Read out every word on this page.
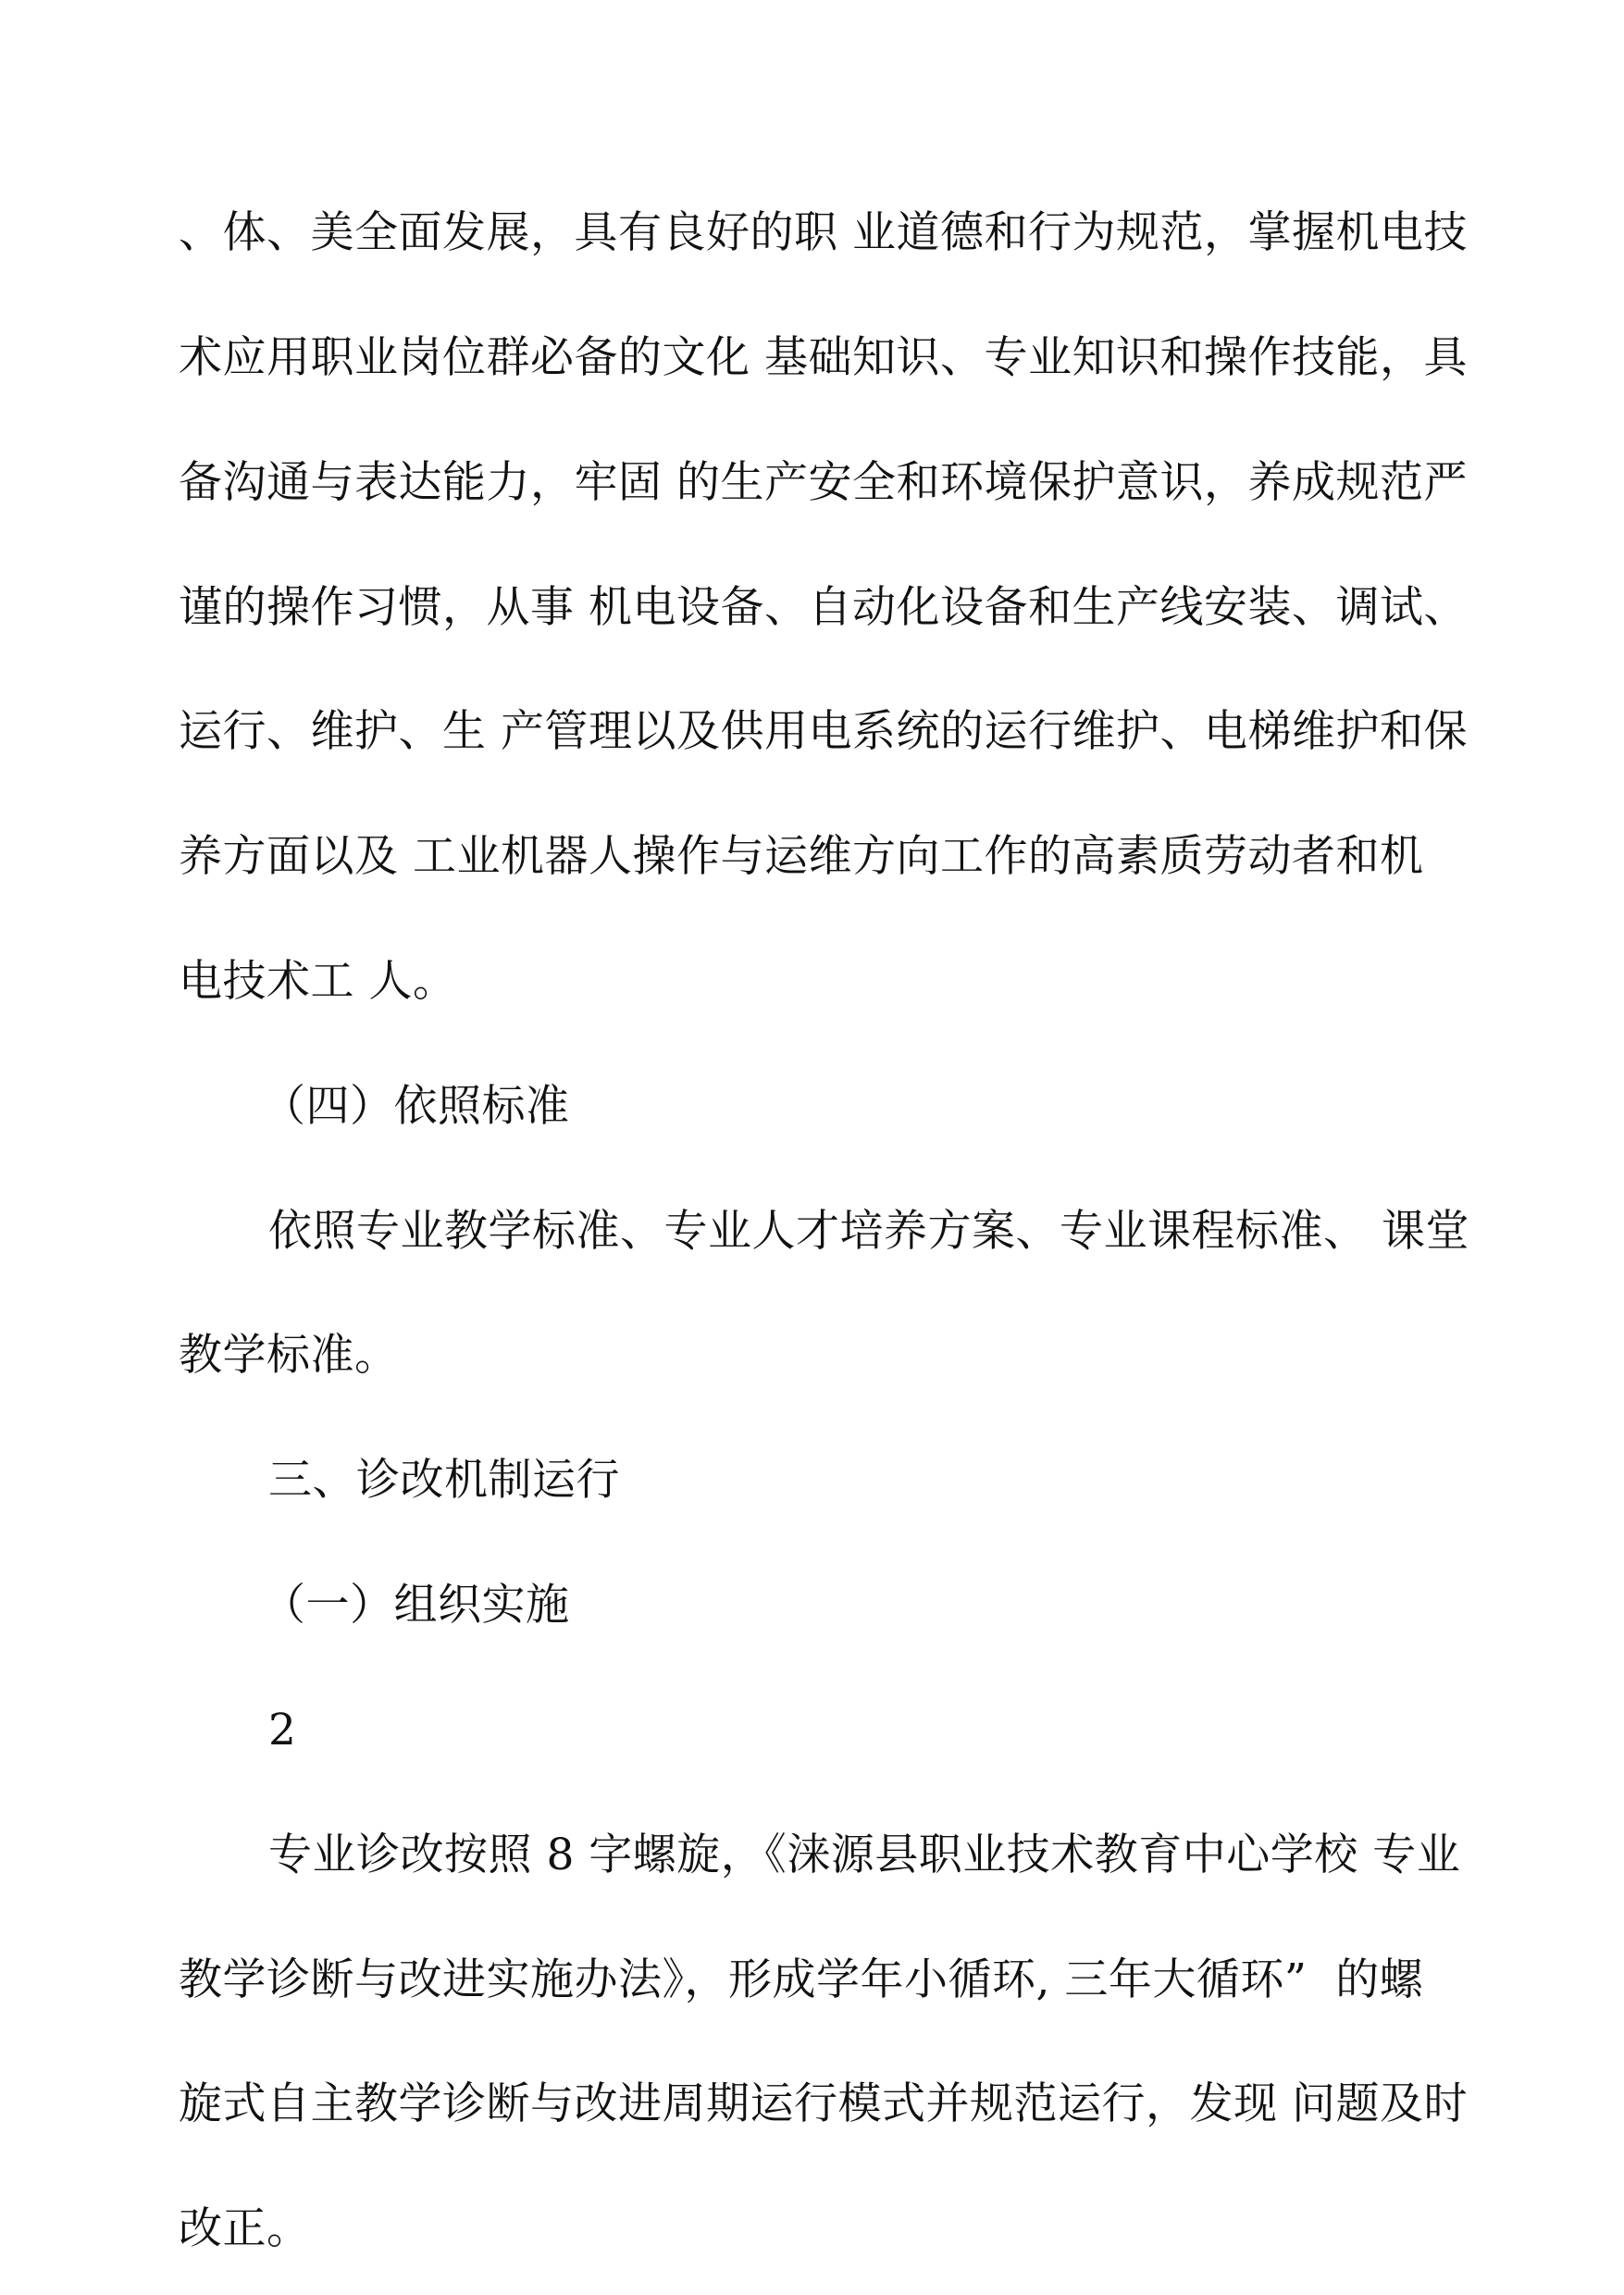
、体、美全面发展，具有良好的职 业道德和行为规范，掌握机电技
术应用职业岗位群必备的文化 基础知识、专业知识和操作技能，具
备沟通与表达能力，牢固 的生产安全和环境保护意识，养成规范严
谨的操作习惯，从事 机电设备、自动化设备和生产线安装、调试、
运行、维护、生 产管理以及供用电系统的运行维护、电梯维护和保
养方面以及 工业机器人操作与运维方向工作的高素质劳动者和机
电技术工 人。
（四）依照标准
依照专业教学标准、专业人才培养方案、专业课程标准、 课堂
教学标准。
三、诊改机制运行
（一）组织实施
2
专业诊改按照 8 字螺旋，《涞源县职业技术教育中心学校 专业
教学诊断与改进实施办法》，形成学年小循环, 三年大循环”  的螺
旋式自主教学诊断与改进周期运行模式并规范运行，发现 问题及时
改正。
